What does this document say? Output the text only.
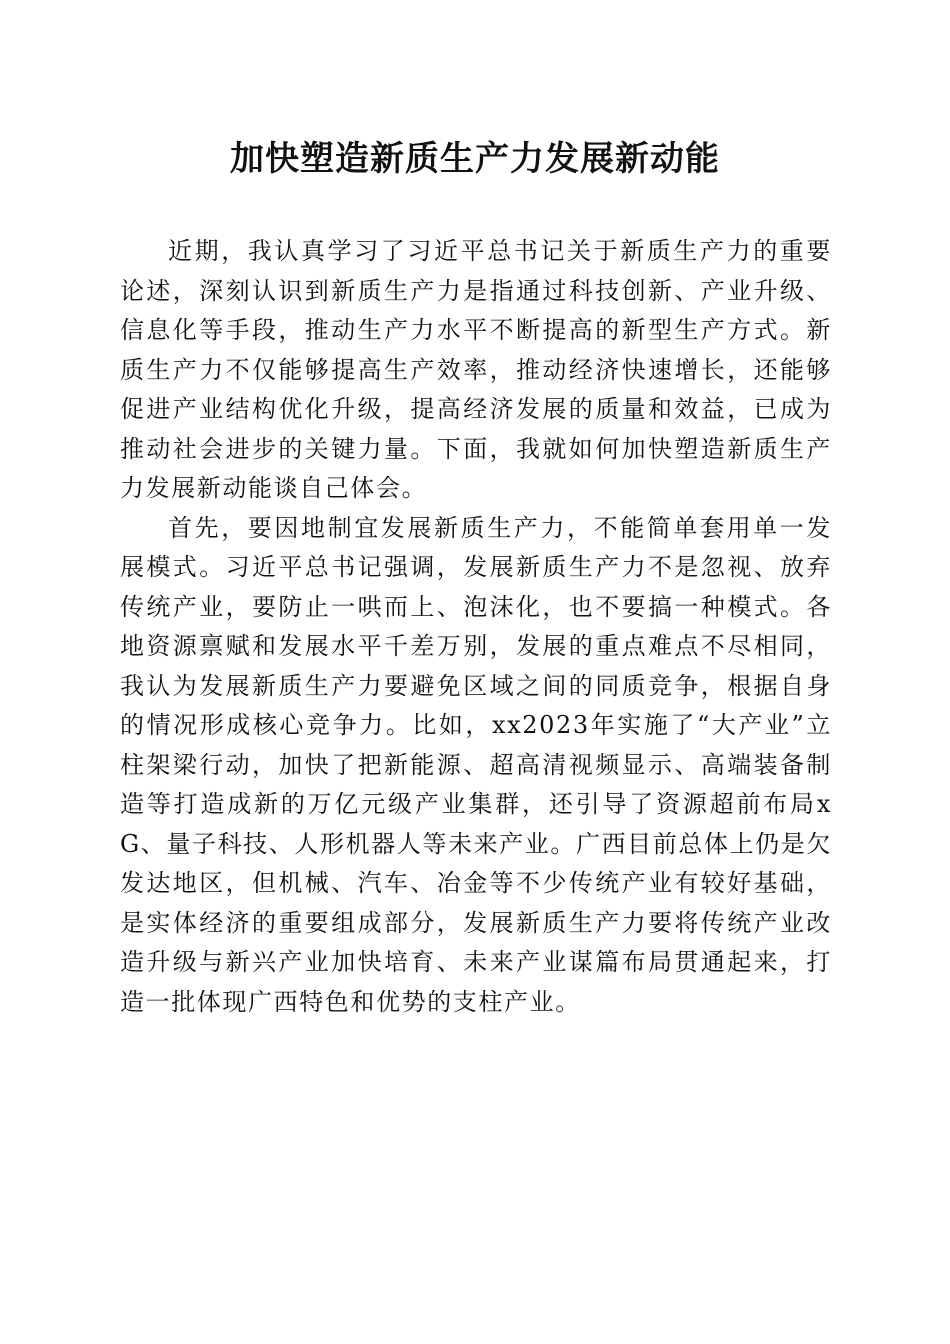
加快塑造新质生产力发展新动能

近期，我认真学习了习近平总书记关于新质生产力的重要论述，深刻认识到新质生产力是指通过科技创新、产业升级、信息化等手段，推动生产力水平不断提高的新型生产方式。新质生产力不仅能够提高生产效率，推动经济快速增长，还能够促进产业结构优化升级，提高经济发展的质量和效益，已成为推动社会进步的关键力量。下面，我就如何加快塑造新质生产力发展新动能谈自己体会。

首先，要因地制宜发展新质生产力，不能简单套用单一发展模式。习近平总书记强调，发展新质生产力不是忽视、放弃传统产业，要防止一哄而上、泡沫化，也不要搞一种模式。各地资源禀赋和发展水平千差万别，发展的重点难点不尽相同，我认为发展新质生产力要避免区域之间的同质竞争，根据自身的情况形成核心竞争力。比如，xx2023年实施了“大产业”立柱架梁行动，加快了把新能源、超高清视频显示、高端装备制造等打造成新的万亿元级产业集群，还引导了资源超前布局xG、量子科技、人形机器人等未来产业。广西目前总体上仍是欠发达地区，但机械、汽车、冶金等不少传统产业有较好基础，是实体经济的重要组成部分，发展新质生产力要将传统产业改造升级与新兴产业加快培育、未来产业谋篇布局贯通起来，打造一批体现广西特色和优势的支柱产业。
